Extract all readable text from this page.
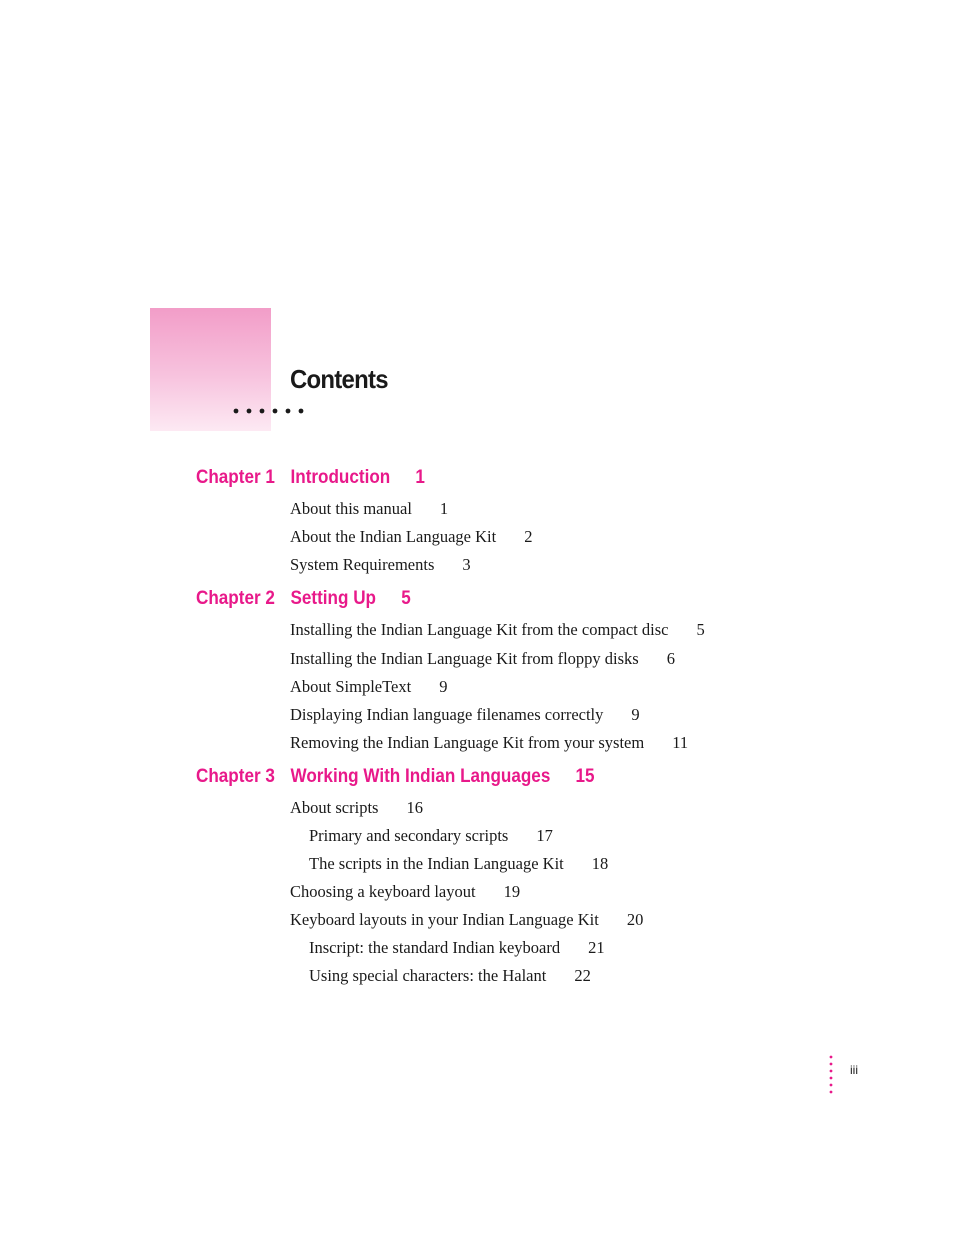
Contents
Chapter 1 Introduction 1
About this manual 1
About the Indian Language Kit 2
System Requirements 3
Chapter 2 Setting Up 5
Installing the Indian Language Kit from the compact disc 5
Installing the Indian Language Kit from floppy disks 6
About SimpleText 9
Displaying Indian language filenames correctly 9
Removing the Indian Language Kit from your system 11
Chapter 3 Working With Indian Languages 15
About scripts 16
Primary and secondary scripts 17
The scripts in the Indian Language Kit 18
Choosing a keyboard layout 19
Keyboard layouts in your Indian Language Kit 20
Inscript: the standard Indian keyboard 21
Using special characters: the Halant 22
iii
